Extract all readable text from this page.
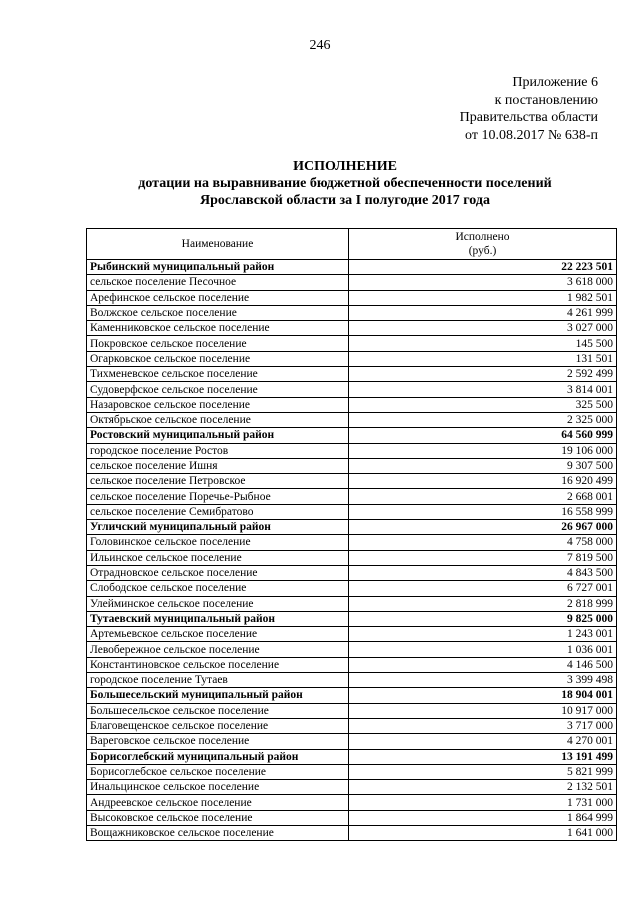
246
Приложение 6
к постановлению
Правительства области
от 10.08.2017 № 638-п
ИСПОЛНЕНИЕ
дотации на выравнивание бюджетной обеспеченности поселений
Ярославской области за I полугодие 2017 года
Наименование	Исполнено
(руб.)

Рыбинский муниципальный район	22 223 501
сельское поселение Песочное	3 618 000
Арефинское сельское поселение	1 982 501
Волжское сельское поселение	4 261 999
Каменниковское сельское поселение	3 027 000
Покровское сельское поселение	145 500
Огарковское сельское поселение	131 501
Тихменевское сельское поселение	2 592 499
Судоверфское сельское поселение	3 814 001
Назаровское сельское поселение	325 500
Октябрьское сельское поселение	2 325 000
Ростовский муниципальный район	64 560 999
городское поселение Ростов	19 106 000
сельское поселение Ишня	9 307 500
сельское поселение Петровское	16 920 499
сельское поселение Поречье-Рыбное	2 668 001
сельское поселение Семибратово	16 558 999
Угличский муниципальный район	26 967 000
Головинское сельское поселение	4 758 000
Ильинское сельское поселение	7 819 500
Отрадновское сельское поселение	4 843 500
Слободское сельское поселение	6 727 001
Улейминское сельское поселение	2 818 999
Тутаевский муниципальный район	9 825 000
Артемьевское сельское поселение	1 243 001
Левобережное сельское поселение	1 036 001
Константиновское сельское поселение	4 146 500
городское поселение Тутаев	3 399 498
Большесельский муниципальный район	18 904 001
Большесельское сельское поселение	10 917 000
Благовещенское сельское поселение	3 717 000
Вареговское сельское поселение	4 270 001
Борисоглебский муниципальный район	13 191 499
Борисоглебское сельское поселение	5 821 999
Инальцинское сельское поселение	2 132 501
Андреевское сельское поселение	1 731 000
Высоковское сельское поселение	1 864 999
Вощажниковское сельское поселение	1 641 000
